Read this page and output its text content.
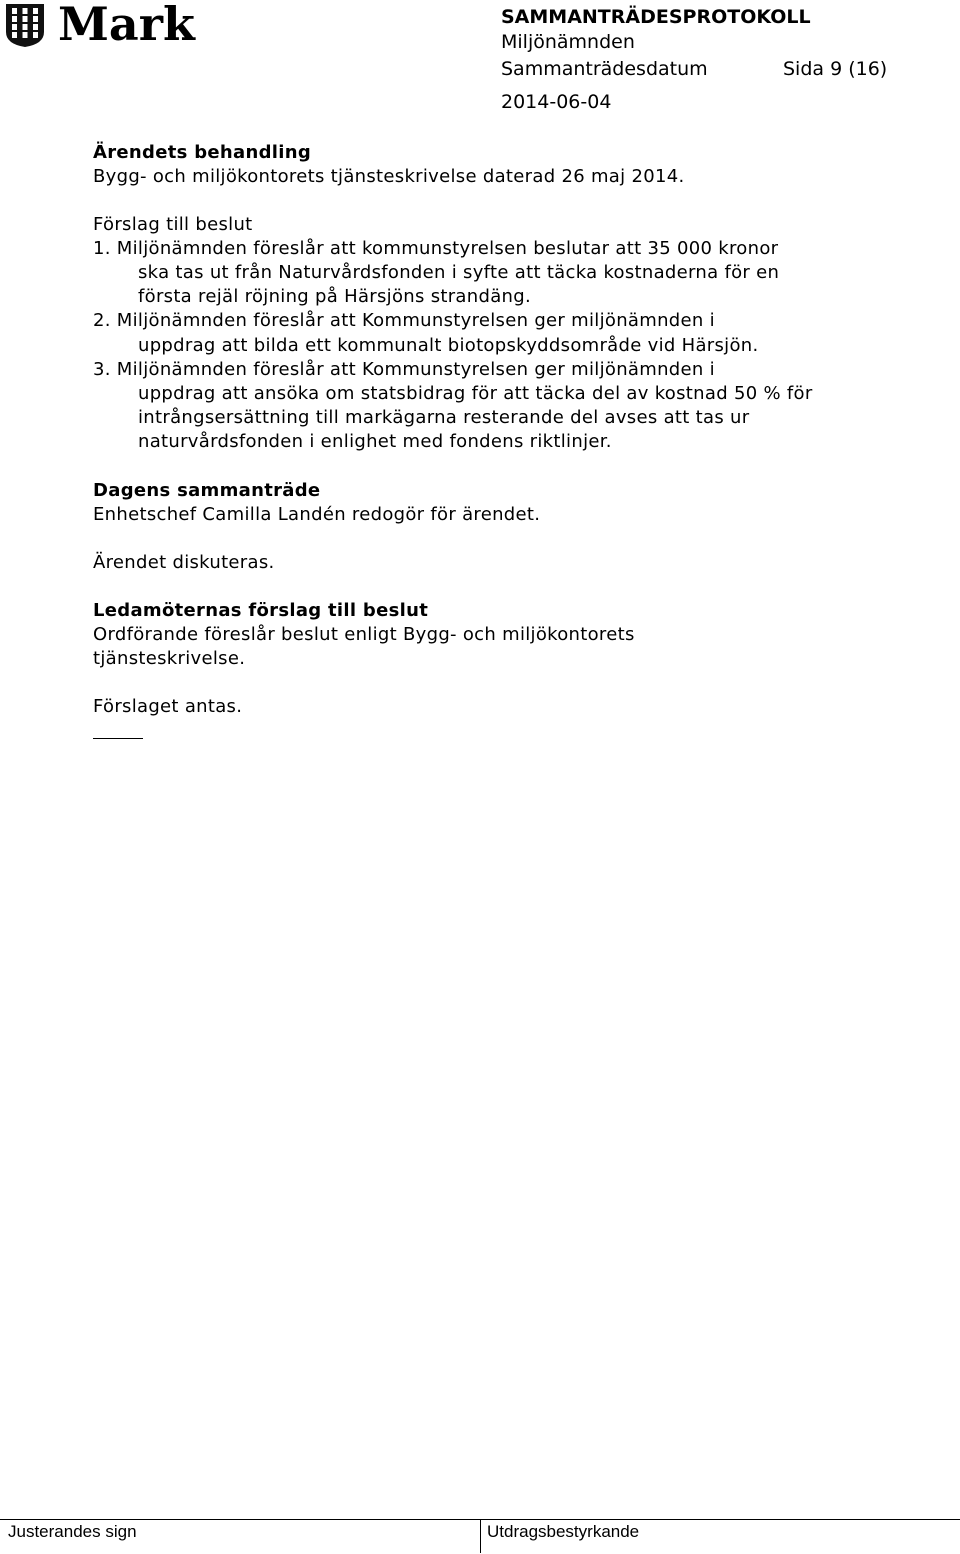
Mark	SAMMANTRÄDESPROTOKOLL
Miljönämnden
Sammanträdesdatum	Sida 9 (16)
2014-06-04
Ärendets behandling
Bygg- och miljökontorets tjänsteskrivelse daterad 26 maj 2014.
Förslag till beslut
1. Miljönämnden föreslår att kommunstyrelsen beslutar att 35 000 kronor
ska tas ut från Naturvårdsfonden i syfte att täcka kostnaderna för en
första rejäl röjning på Härsjöns strandäng.
2. Miljönämnden föreslår att Kommunstyrelsen ger miljönämnden i
uppdrag att bilda ett kommunalt biotopskyddsområde vid Härsjön.
3. Miljönämnden föreslår att Kommunstyrelsen ger miljönämnden i
uppdrag att ansöka om statsbidrag för att täcka del av kostnad 50 % för
intrångsersättning till markägarna resterande del avses att tas ur
naturvårdsfonden i enlighet med fondens riktlinjer.
Dagens sammanträde
Enhetschef Camilla Landén redogör för ärendet.
Ärendet diskuteras.
Ledamöternas förslag till beslut
Ordförande föreslår beslut enligt Bygg- och miljökontorets
tjänsteskrivelse.
Förslaget antas.
Justerandes sign	Utdragsbestyrkande
